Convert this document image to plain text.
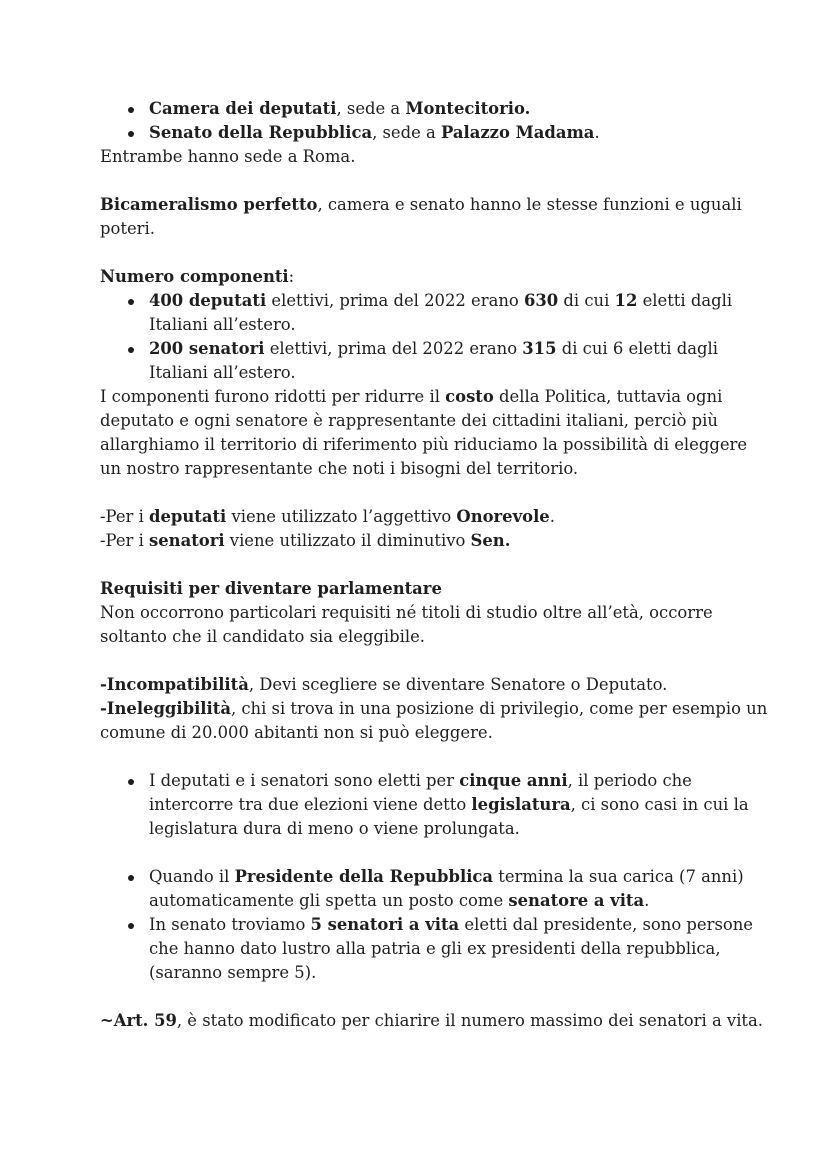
Camera dei deputati, sede a Montecitorio.
Senato della Repubblica, sede a Palazzo Madama.

Entrambe hanno sede a Roma.

Bicameralismo perfetto, camera e senato hanno le stesse funzioni e uguali poteri.

Numero componenti:

400 deputati elettivi, prima del 2022 erano 630 di cui 12 eletti dagli Italiani all’estero.
200 senatori elettivi, prima del 2022 erano 315 di cui 6 eletti dagli Italiani all’estero.

I componenti furono ridotti per ridurre il costo della Politica, tuttavia ogni deputato e ogni senatore è rappresentante dei cittadini italiani, perciò più allarghiamo il territorio di riferimento più riduciamo la possibilità di eleggere un nostro rappresentante che noti i bisogni del territorio.

-Per i deputati viene utilizzato l’aggettivo Onorevole.

-Per i senatori viene utilizzato il diminutivo Sen.

Requisiti per diventare parlamentare

Non occorrono particolari requisiti né titoli di studio oltre all’età, occorre soltanto che il candidato sia eleggibile.

-Incompatibilità, Devi scegliere se diventare Senatore o Deputato.

-Ineleggibilità, chi si trova in una posizione di privilegio, come per esempio un comune di 20.000 abitanti non si può eleggere.

I deputati e i senatori sono eletti per cinque anni, il periodo che intercorre tra due elezioni viene detto legislatura, ci sono casi in cui la legislatura dura di meno o viene prolungata.
Quando il Presidente della Repubblica termina la sua carica (7 anni) automaticamente gli spetta un posto come senatore a vita.
In senato troviamo 5 senatori a vita eletti dal presidente, sono persone che hanno dato lustro alla patria e gli ex presidenti della repubblica, (saranno sempre 5).

~Art. 59, è stato modificato per chiarire il numero massimo dei senatori a vita.
